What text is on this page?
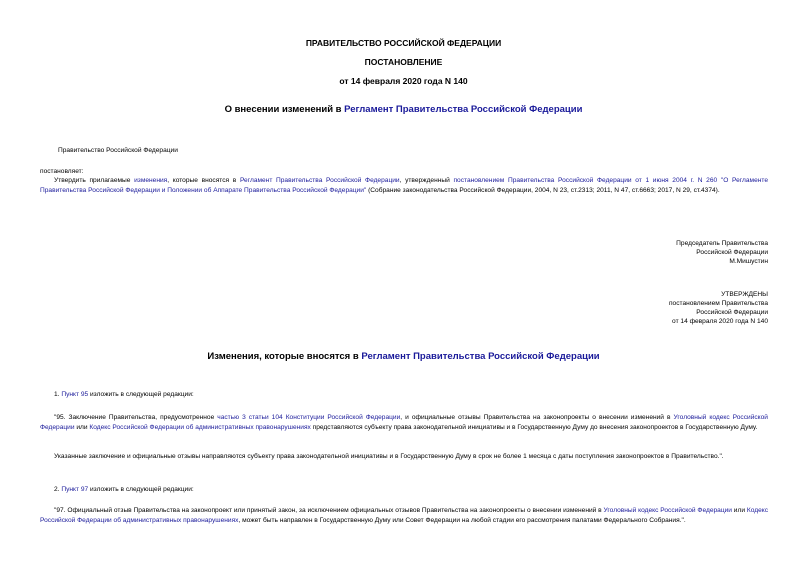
ПРАВИТЕЛЬСТВО РОССИЙСКОЙ ФЕДЕРАЦИИ
ПОСТАНОВЛЕНИЕ
от 14 февраля 2020 года N 140
О внесении изменений в Регламент Правительства Российской Федерации
Правительство Российской Федерации
постановляет:
Утвердить прилагаемые изменения, которые вносятся в Регламент Правительства Российской Федерации, утвержденный постановлением Правительства Российской Федерации от 1 июня 2004 г. N 260 "О Регламенте Правительства Российской Федерации и Положении об Аппарате Правительства Российской Федерации" (Собрание законодательства Российской Федерации, 2004, N 23, ст.2313; 2011, N 47, ст.6663; 2017, N 29, ст.4374).
Председатель Правительства
Российской Федерации
М.Мишустин
УТВЕРЖДЕНЫ
постановлением Правительства
Российской Федерации
от 14 февраля 2020 года N 140
Изменения, которые вносятся в Регламент Правительства Российской Федерации
1. Пункт 95 изложить в следующей редакции:
"95. Заключение Правительства, предусмотренное частью 3 статьи 104 Конституции Российской Федерации, и официальные отзывы Правительства на законопроекты о внесении изменений в Уголовный кодекс Российской Федерации или Кодекс Российской Федерации об административных правонарушениях представляются субъекту права законодательной инициативы и в Государственную Думу до внесения законопроектов в Государственную Думу.
Указанные заключение и официальные отзывы направляются субъекту права законодательной инициативы и в Государственную Думу в срок не более 1 месяца с даты поступления законопроектов в Правительство.".
2. Пункт 97 изложить в следующей редакции:
"97. Официальный отзыв Правительства на законопроект или принятый закон, за исключением официальных отзывов Правительства на законопроекты о внесении изменений в Уголовный кодекс Российской Федерации или Кодекс Российской Федерации об административных правонарушениях, может быть направлен в Государственную Думу или Совет Федерации на любой стадии его рассмотрения палатами Федерального Собрания.".
